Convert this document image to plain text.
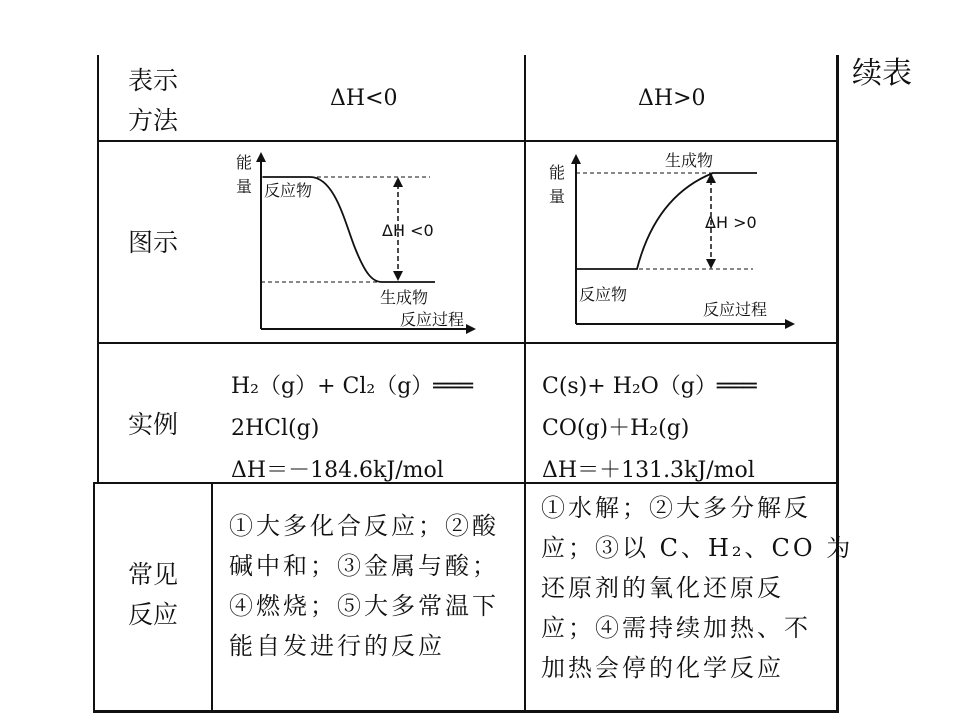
续表
表示
方法
ΔH<0	ΔH>0
图示
能
量 反应物
生成物
ΔH <0
反应过程
能
量
生成物
反应物
ΔH >0
反应过程
实例
H₂（g）+ Cl₂（g）═══
2HCl(g)
ΔH＝－184.6kJ/mol
C(s)+ H₂O（g）═══
CO(g)＋H₂(g)
ΔH＝＋131.3kJ/mol
常见
反应
①大多化合反应；②酸
碱中和；③金属与酸；
④燃烧；⑤大多常温下
能自发进行的反应
①水解；②大多分解反
应；③以 C、H₂、CO 为
还原剂的氧化还原反
应；④需持续加热、不
加热会停的化学反应
